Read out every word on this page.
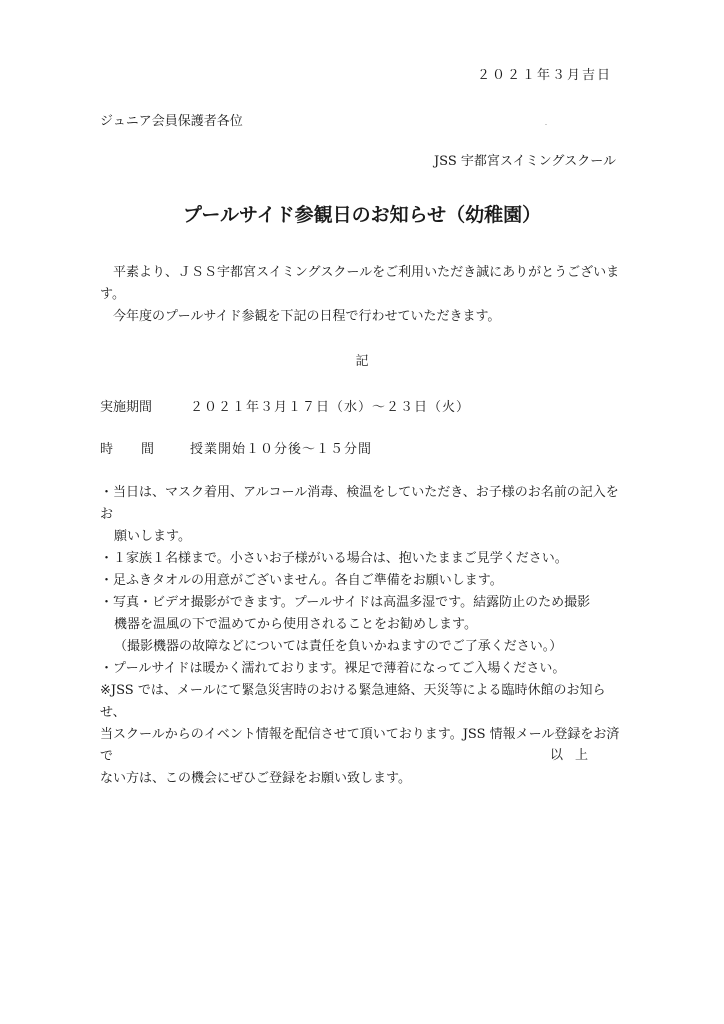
２０２１年３月吉日
ジュニア会員保護者各位
JSS 宇都宮スイミングスクール
プールサイド参観日のお知らせ（幼稚園）

平素より、ＪＳＳ宇都宮スイミングスクールをご利用いただき誠にありがとうございま

す。

今年度のプールサイド参観を下記の日程で行わせていただきます。

記
実施期間	２０２１年３月１７日（水）～２３日（火）
時間 授業開始１０分後～１５分間

・当日は、マスク着用、アルコール消毒、検温をしていただき、お子様のお名前の記入をお

願いします。

・１家族１名様まで。小さいお子様がいる場合は、抱いたままご見学ください。

・足ふきタオルの用意がございません。各自ご準備をお願いします。

・写真・ビデオ撮影ができます。プールサイドは高温多湿です。結露防止のため撮影

機器を温風の下で温めてから使用されることをお勧めします。

（撮影機器の故障などについては責任を負いかねますのでご了承ください。）

・プールサイドは暖かく濡れております。裸足で薄着になってご入場ください。

※JSS では、メールにて緊急災害時のおける緊急連絡、天災等による臨時休館のお知らせ、

当スクールからのイベント情報を配信させて頂いております。JSS 情報メール登録をお済で

ない方は、この機会にぜひご登録をお願い致します。

以上
